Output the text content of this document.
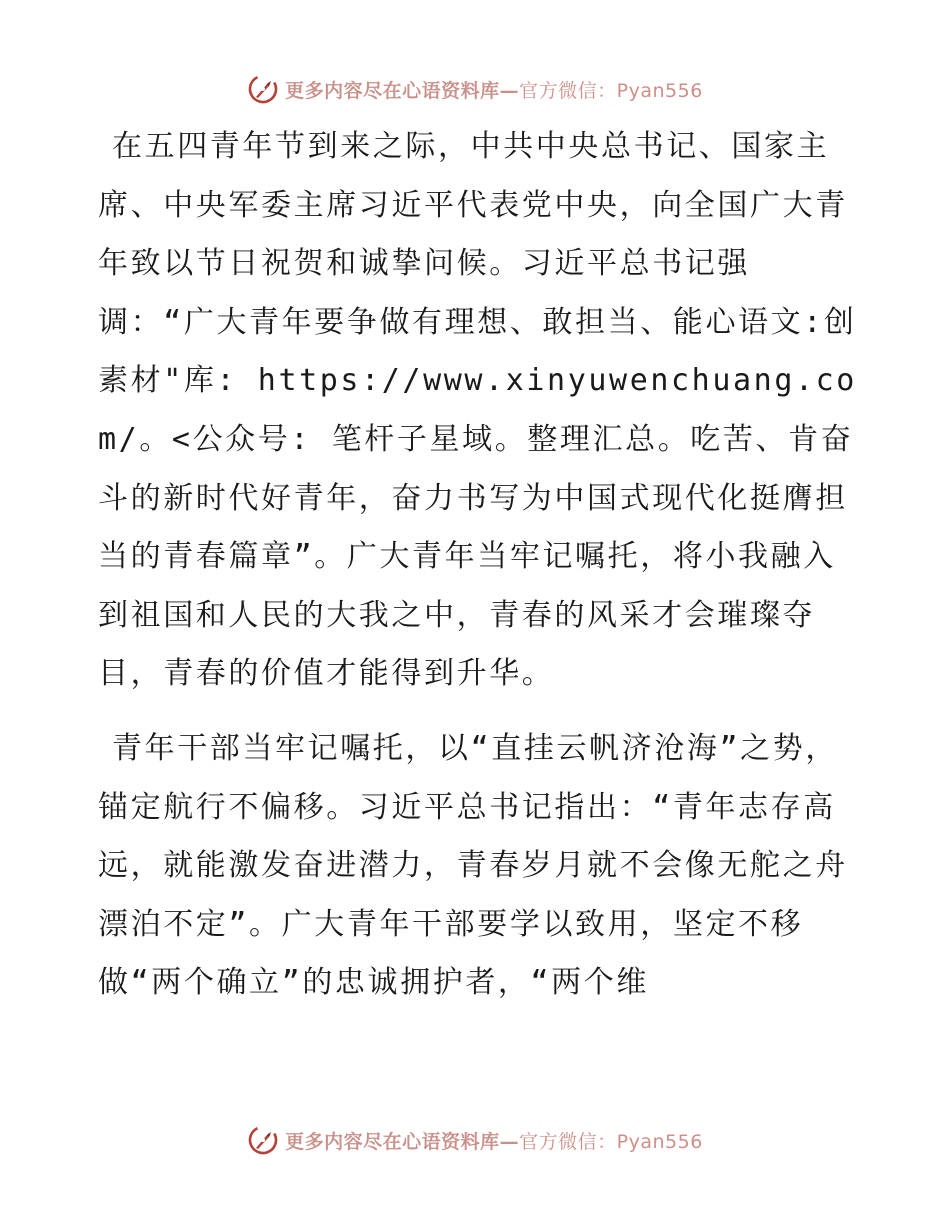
更多内容尽在心语资料库—官方微信：Pyan556

在五四青年节到来之际，中共中央总书记、国家主席、中央军委主席习近平代表党中央，向全国广大青年致以节日祝贺和诚挚问候。习近平总书记强调：“广大青年要争做有理想、敢担当、能心语文:创素材"库: https://www.xinyuwenchuang.com/。<公众号: 笔杆子星域。整理汇总。吃苦、肯奋斗的新时代好青年，奋力书写为中国式现代化挺膺担当的青春篇章”。广大青年当牢记嘱托，将小我融入到祖国和人民的大我之中，青春的风采才会璀璨夺目，青春的价值才能得到升华。

青年干部当牢记嘱托，以“直挂云帆济沧海”之势，锚定航行不偏移。习近平总书记指出：“青年志存高远，就能激发奋进潜力，青春岁月就不会像无舵之舟漂泊不定”。广大青年干部要学以致用，坚定不移做“两个确立”的忠诚拥护者，“两个维

更多内容尽在心语资料库—官方微信：Pyan556
